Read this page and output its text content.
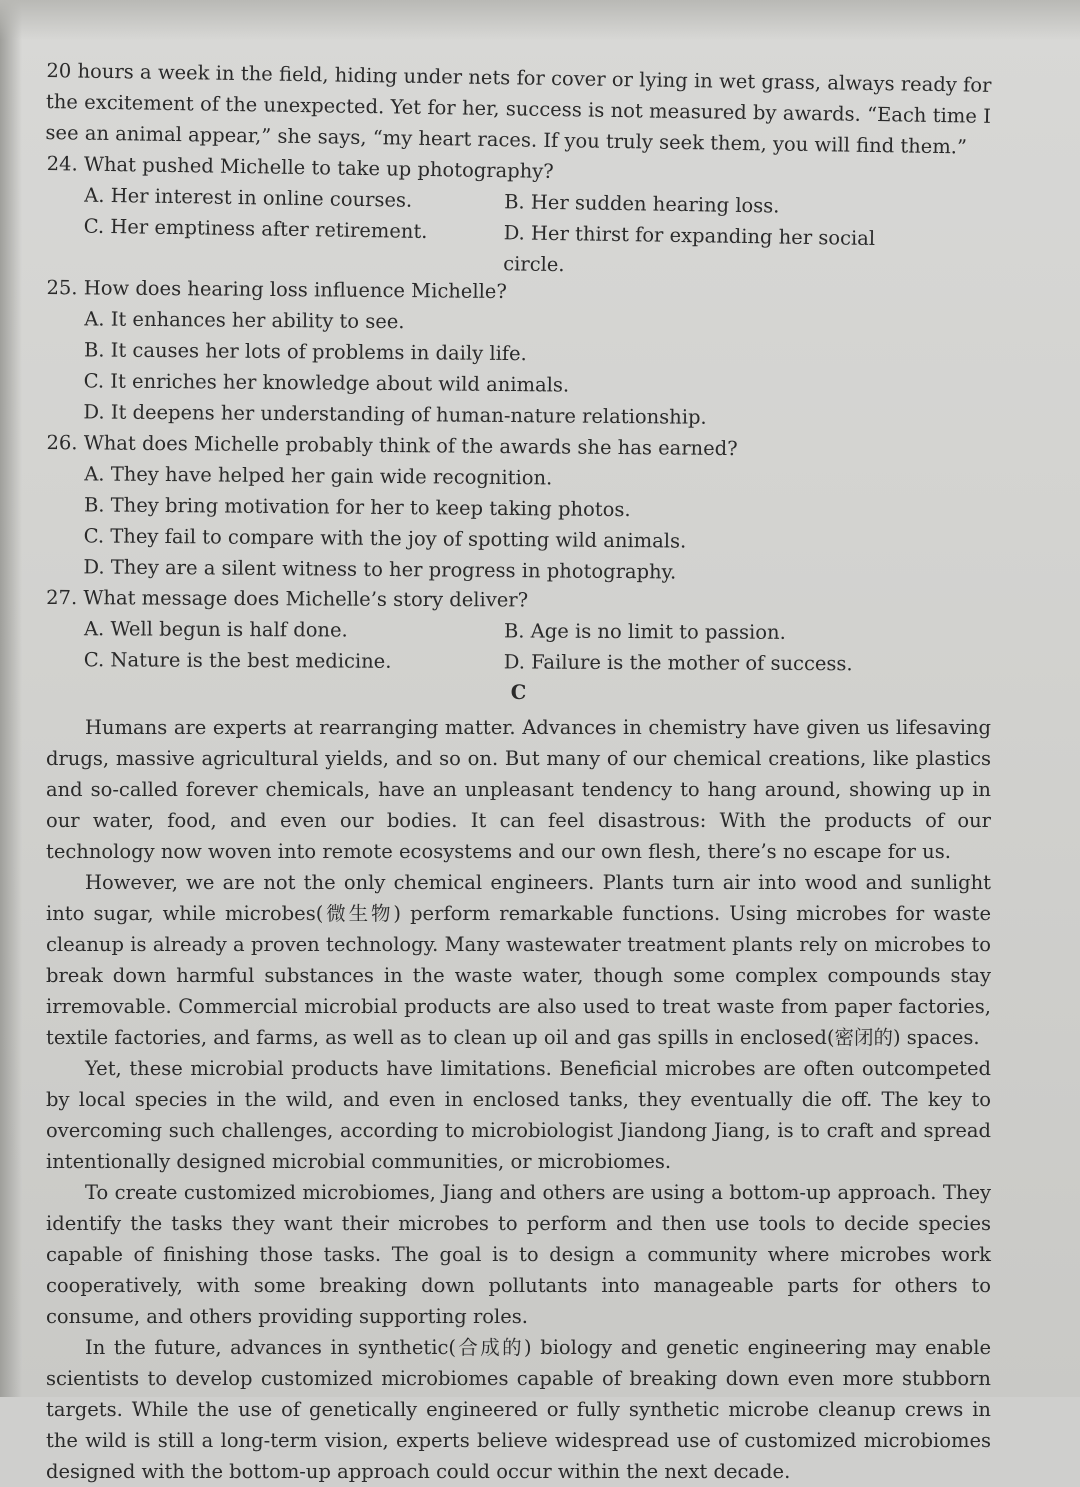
20 hours a week in the field, hiding under nets for cover or lying in wet grass, always ready for the excitement of the unexpected. Yet for her, success is not measured by awards. “Each time I see an animal appear,” she says, “my heart races. If you truly seek them, you will find them.”

24. What pushed Michelle to take up photography?

A. Her interest in online courses.	B. Her sudden hearing loss.
C. Her emptiness after retirement.	D. Her thirst for expanding her social circle.

25. How does hearing loss influence Michelle?

A. It enhances her ability to see.

B. It causes her lots of problems in daily life.

C. It enriches her knowledge about wild animals.

D. It deepens her understanding of human-nature relationship.

26. What does Michelle probably think of the awards she has earned?

A. They have helped her gain wide recognition.

B. They bring motivation for her to keep taking photos.

C. They fail to compare with the joy of spotting wild animals.

D. They are a silent witness to her progress in photography.

27. What message does Michelle’s story deliver?

A. Well begun is half done.	B. Age is no limit to passion.
C. Nature is the best medicine.	D. Failure is the mother of success.
C

Humans are experts at rearranging matter. Advances in chemistry have given us lifesaving drugs, massive agricultural yields, and so on. But many of our chemical creations, like plastics and so-called forever chemicals, have an unpleasant tendency to hang around, showing up in our water, food, and even our bodies. It can feel disastrous: With the products of our technology now woven into remote ecosystems and our own flesh, there’s no escape for us.

However, we are not the only chemical engineers. Plants turn air into wood and sunlight into sugar, while microbes(微生物) perform remarkable functions. Using microbes for waste cleanup is already a proven technology. Many wastewater treatment plants rely on microbes to break down harmful substances in the waste water, though some complex compounds stay irremovable. Commercial microbial products are also used to treat waste from paper factories, textile factories, and farms, as well as to clean up oil and gas spills in enclosed(密闭的) spaces.

Yet, these microbial products have limitations. Beneficial microbes are often outcompeted by local species in the wild, and even in enclosed tanks, they eventually die off. The key to overcoming such challenges, according to microbiologist Jiandong Jiang, is to craft and spread intentionally designed microbial communities, or microbiomes.

To create customized microbiomes, Jiang and others are using a bottom-up approach. They identify the tasks they want their microbes to perform and then use tools to decide species capable of finishing those tasks. The goal is to design a community where microbes work cooperatively, with some breaking down pollutants into manageable parts for others to consume, and others providing supporting roles.

In the future, advances in synthetic(合成的) biology and genetic engineering may enable scientists to develop customized microbiomes capable of breaking down even more stubborn targets. While the use of genetically engineered or fully synthetic microbe cleanup crews in the wild is still a long-term vision, experts believe widespread use of customized microbiomes designed with the bottom-up approach could occur within the next decade.
